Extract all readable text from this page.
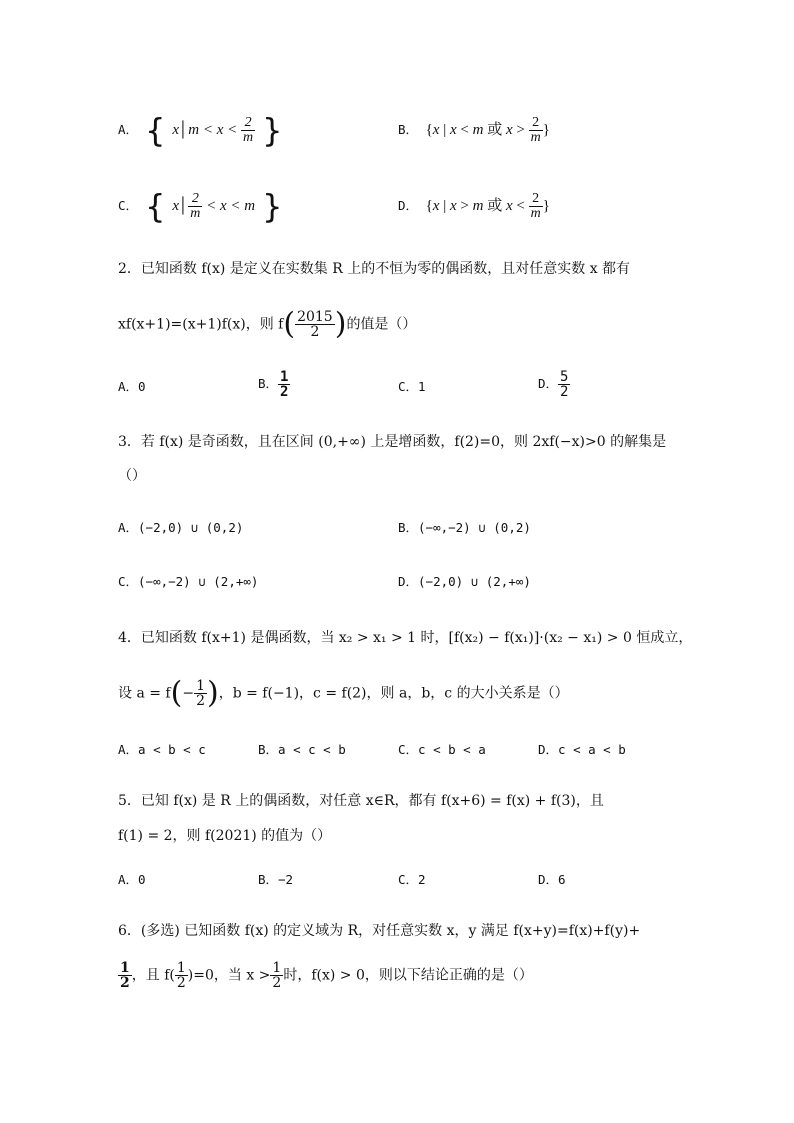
A． { x│m < $x < \frac{2}{m}$ }	B． {x | x < m 或 $x > \frac{2}{m}$ }
C． { x│ $\frac{2}{m} < x < m$ }	D． {x | x > m 或 $x < \frac{2}{m}$ }
2．已知函数 f(x) 是定义在实数集 R 上的不恒为零的偶函数，且对任意实数 x 都有
xf(x+1)=(x+1)f(x)，则 $f( \frac{2015}{2}$ )的值是（）
A．0	B． $\frac{1}{2}$	C．1	D． $\frac{5}{2}$
3．若 f(x) 是奇函数，且在区间 (0,+∞) 上是增函数，f(2)=0，则 2xf(−x)>0 的解集是
（）
A．(−2,0) ∪ (0,2)	B．(−∞,−2) ∪ (0,2)
C．(−∞,−2) ∪ (2,+∞)	D．(−2,0) ∪ (2,+∞)
4．已知函数 f(x+1) 是偶函数，当 x₂ > x₁ > 1 时，[f(x₂) − f(x₁)]·(x₂ − x₁) > 0 恒成立，
设 $a = f(- \frac{1}{2}$ )，b = f(−1)，c = f(2)，则 a，b，c 的大小关系是（）
A．a < b < c	B．a < c < b	C．c < b < a	D．c < a < b
5．已知 f(x) 是 R 上的偶函数，对任意 x∈R，都有 f(x+6) = f(x) + f(3)，且
f(1) = 2，则 f(2021) 的值为（）
A．0	B．−2	C．2	D．6
6．(多选) 已知函数 f(x) 的定义域为 R，对任意实数 x，y 满足 f(x+y)=f(x)+f(y)+
$\frac{1}{2}$ ，且 $f( \frac{1}{2} )=0$，当 $x > \frac{1}{2}$ 时，f(x) > 0，则以下结论正确的是（）
